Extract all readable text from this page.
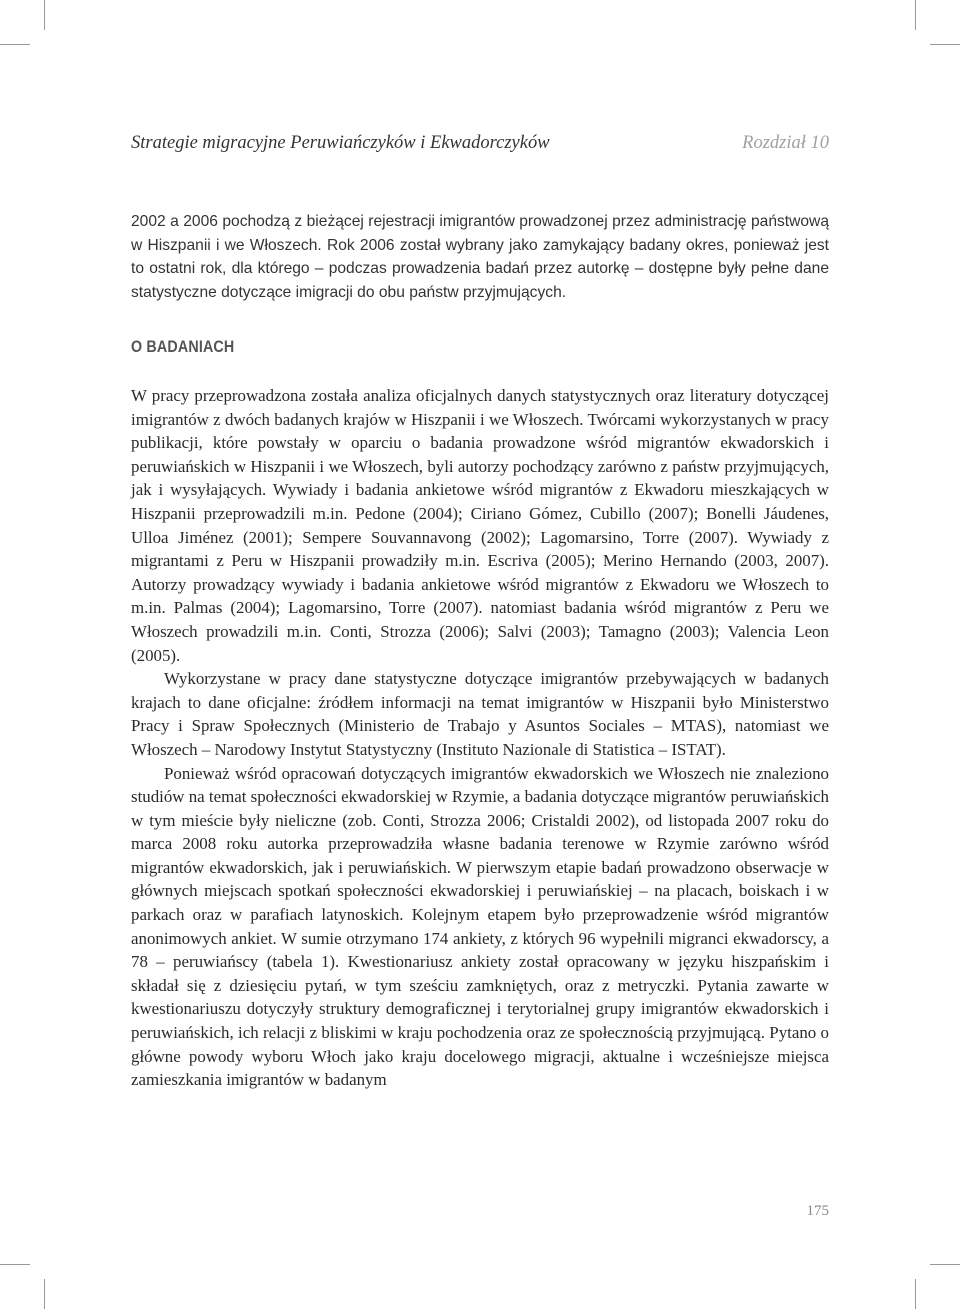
Strategie migracyjne Peruwiańczyków i Ekwadorczyków	Rozdział 10

2002 a 2006 pochodzą z bieżącej rejestracji imigrantów prowadzonej przez administrację państwową w Hiszpanii i we Włoszech. Rok 2006 został wybrany jako zamykający badany okres, ponieważ jest to ostatni rok, dla którego – podczas prowadzenia badań przez autorkę – dostępne były pełne dane statystyczne dotyczące imigracji do obu państw przyjmujących.

O BADANIACH

W pracy przeprowadzona została analiza oficjalnych danych statystycznych oraz literatury dotyczącej imigrantów z dwóch badanych krajów w Hiszpanii i we Włoszech. Twórcami wykorzystanych w pracy publikacji, które powstały w oparciu o badania prowadzone wśród migrantów ekwadorskich i peruwiańskich w Hiszpanii i we Włoszech, byli autorzy pochodzący zarówno z państw przyjmujących, jak i wysyłających. Wywiady i badania ankietowe wśród migrantów z Ekwadoru mieszkających w Hiszpanii przeprowadzili m.in. Pedone (2004); Ciriano Gómez, Cubillo (2007); Bonelli Jáudenes, Ulloa Jiménez (2001); Sempere Souvannavong (2002); Lagomarsino, Torre (2007). Wywiady z migrantami z Peru w Hiszpanii prowadziły m.in. Escriva (2005); Merino Hernando (2003, 2007). Autorzy prowadzący wywiady i badania ankietowe wśród migrantów z Ekwadoru we Włoszech to m.in. Palmas (2004); Lagomarsino, Torre (2007). natomiast badania wśród migrantów z Peru we Włoszech prowadzili m.in. Conti, Strozza (2006); Salvi (2003); Tamagno (2003); Valencia Leon (2005).

Wykorzystane w pracy dane statystyczne dotyczące imigrantów przebywających w badanych krajach to dane oficjalne: źródłem informacji na temat imigrantów w Hiszpanii było Ministerstwo Pracy i Spraw Społecznych (Ministerio de Trabajo y Asuntos Sociales – MTAS), natomiast we Włoszech – Narodowy Instytut Statystyczny (Instituto Nazionale di Statistica – ISTAT).

Ponieważ wśród opracowań dotyczących imigrantów ekwadorskich we Włoszech nie znaleziono studiów na temat społeczności ekwadorskiej w Rzymie, a badania dotyczące migrantów peruwiańskich w tym mieście były nieliczne (zob. Conti, Strozza 2006; Cristaldi 2002), od listopada 2007 roku do marca 2008 roku autorka przeprowadziła własne badania terenowe w Rzymie zarówno wśród migrantów ekwadorskich, jak i peruwiańskich. W pierwszym etapie badań prowadzono obserwacje w głównych miejscach spotkań społeczności ekwadorskiej i peruwiańskiej – na placach, boiskach i w parkach oraz w parafiach latynoskich. Kolejnym etapem było przeprowadzenie wśród migrantów anonimowych ankiet. W sumie otrzymano 174 ankiety, z których 96 wypełnili migranci ekwadorscy, a 78 – peruwiańscy (tabela 1). Kwestionariusz ankiety został opracowany w języku hiszpańskim i składał się z dziesięciu pytań, w tym sześciu zamkniętych, oraz z metryczki. Pytania zawarte w kwestionariuszu dotyczyły struktury demograficznej i terytorialnej grupy imigrantów ekwadorskich i peruwiańskich, ich relacji z bliskimi w kraju pochodzenia oraz ze społecznością przyjmującą. Pytano o główne powody wyboru Włoch jako kraju docelowego migracji, aktualne i wcześniejsze miejsca zamieszkania imigrantów w badanym

175
